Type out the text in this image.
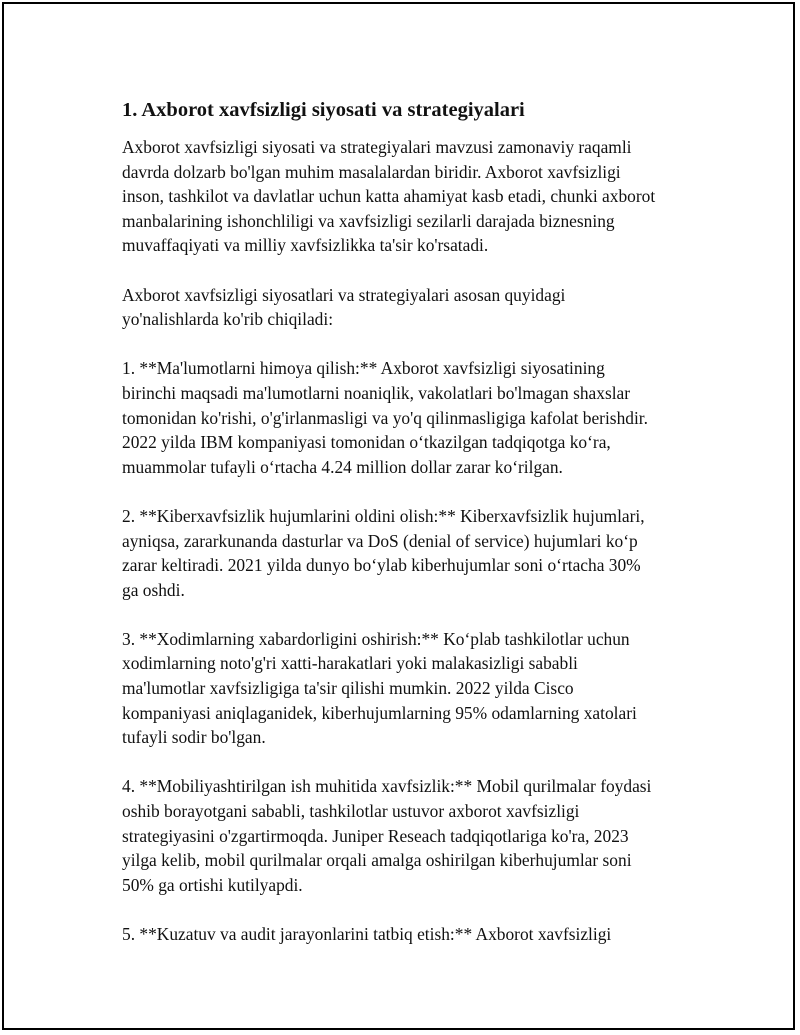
1. Axborot xavfsizligi siyosati va strategiyalari
Axborot xavfsizligi siyosati va strategiyalari mavzusi zamonaviy raqamli
davrda dolzarb bo'lgan muhim masalalardan biridir. Axborot xavfsizligi
inson, tashkilot va davlatlar uchun katta ahamiyat kasb etadi, chunki axborot
manbalarining ishonchliligi va xavfsizligi sezilarli darajada biznesning
muvaffaqiyati va milliy xavfsizlikka ta'sir ko'rsatadi.
Axborot xavfsizligi siyosatlari va strategiyalari asosan quyidagi
yo'nalishlarda ko'rib chiqiladi:
1. **Ma'lumotlarni himoya qilish:** Axborot xavfsizligi siyosatining
birinchi maqsadi ma'lumotlarni noaniqlik, vakolatlari bo'lmagan shaxslar
tomonidan ko'rishi, o'g'irlanmasligi va yo'q qilinmasligiga kafolat berishdir.
2022 yilda IBM kompaniyasi tomonidan o‘tkazilgan tadqiqotga ko‘ra,
muammolar tufayli o‘rtacha 4.24 million dollar zarar ko‘rilgan.
2. **Kiberxavfsizlik hujumlarini oldini olish:** Kiberxavfsizlik hujumlari,
ayniqsa, zararkunanda dasturlar va DoS (denial of service) hujumlari ko‘p
zarar keltiradi. 2021 yilda dunyo bo‘ylab kiberhujumlar soni o‘rtacha 30%
ga oshdi.
3. **Xodimlarning xabardorligini oshirish:** Ko‘plab tashkilotlar uchun
xodimlarning noto'g'ri xatti-harakatlari yoki malakasizligi sababli
ma'lumotlar xavfsizligiga ta'sir qilishi mumkin. 2022 yilda Cisco
kompaniyasi aniqlaganidek, kiberhujumlarning 95% odamlarning xatolari
tufayli sodir bo'lgan.
4. **Mobiliyashtirilgan ish muhitida xavfsizlik:** Mobil qurilmalar foydasi
oshib borayotgani sababli, tashkilotlar ustuvor axborot xavfsizligi
strategiyasini o'zgartirmoqda. Juniper Reseach tadqiqotlariga ko'ra, 2023
yilga kelib, mobil qurilmalar orqali amalga oshirilgan kiberhujumlar soni
50% ga ortishi kutilyapdi.
5. **Kuzatuv va audit jarayonlarini tatbiq etish:** Axborot xavfsizligi
